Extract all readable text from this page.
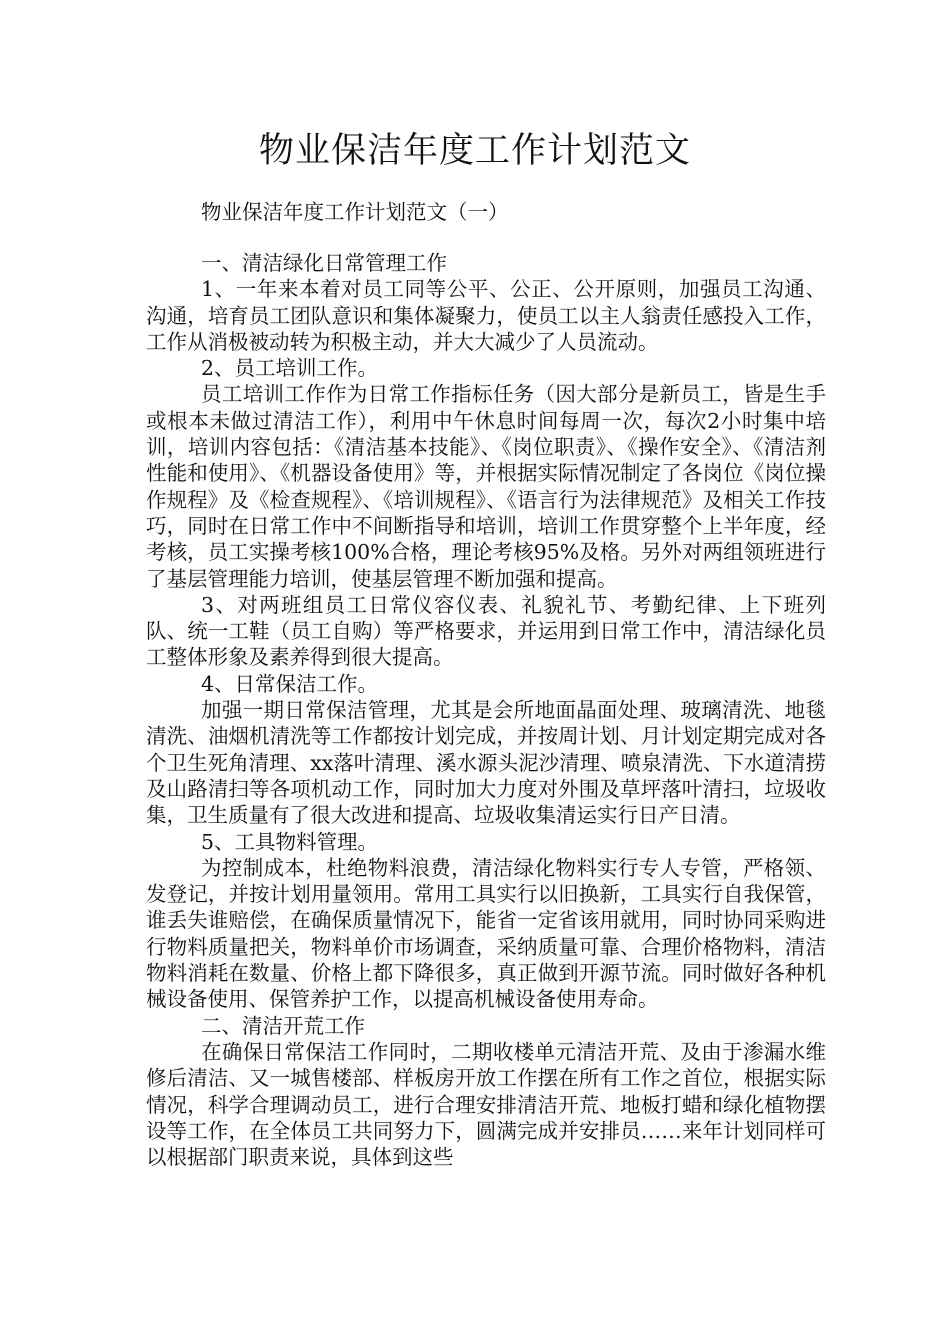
物业保洁年度工作计划范文

物业保洁年度工作计划范文（一）

一、清洁绿化日常管理工作

1、一年来本着对员工同等公平、公正、公开原则，加强员工沟通、沟通，培育员工团队意识和集体凝聚力，使员工以主人翁责任感投入工作，工作从消极被动转为积极主动，并大大减少了人员流动。

2、员工培训工作。

员工培训工作作为日常工作指标任务（因大部分是新员工，皆是生手或根本未做过清洁工作），利用中午休息时间每周一次，每次2小时集中培训，培训内容包括：《清洁基本技能》、《岗位职责》、《操作安全》、《清洁剂性能和使用》、《机器设备使用》等，并根据实际情况制定了各岗位《岗位操作规程》及《检查规程》、《培训规程》、《语言行为法律规范》及相关工作技巧，同时在日常工作中不间断指导和培训，培训工作贯穿整个上半年度，经考核，员工实操考核100%合格，理论考核95%及格。另外对两组领班进行了基层管理能力培训，使基层管理不断加强和提高。

3、对两班组员工日常仪容仪表、礼貌礼节、考勤纪律、上下班列队、统一工鞋（员工自购）等严格要求，并运用到日常工作中，清洁绿化员工整体形象及素养得到很大提高。

4、日常保洁工作。

加强一期日常保洁管理，尤其是会所地面晶面处理、玻璃清洗、地毯清洗、油烟机清洗等工作都按计划完成，并按周计划、月计划定期完成对各个卫生死角清理、xx落叶清理、溪水源头泥沙清理、喷泉清洗、下水道清捞及山路清扫等各项机动工作，同时加大力度对外围及草坪落叶清扫，垃圾收集，卫生质量有了很大改进和提高、垃圾收集清运实行日产日清。

5、工具物料管理。

为控制成本，杜绝物料浪费，清洁绿化物料实行专人专管，严格领、发登记，并按计划用量领用。常用工具实行以旧换新，工具实行自我保管，谁丢失谁赔偿，在确保质量情况下，能省一定省该用就用，同时协同采购进行物料质量把关，物料单价市场调查，采纳质量可靠、合理价格物料，清洁物料消耗在数量、价格上都下降很多，真正做到开源节流。同时做好各种机械设备使用、保管养护工作，以提高机械设备使用寿命。

二、清洁开荒工作

在确保日常保洁工作同时，二期收楼单元清洁开荒、及由于渗漏水维修后清洁、又一城售楼部、样板房开放工作摆在所有工作之首位，根据实际情况，科学合理调动员工，进行合理安排清洁开荒、地板打蜡和绿化植物摆设等工作，在全体员工共同努力下，圆满完成并安排员……来年计划同样可以根据部门职责来说，具体到这些
